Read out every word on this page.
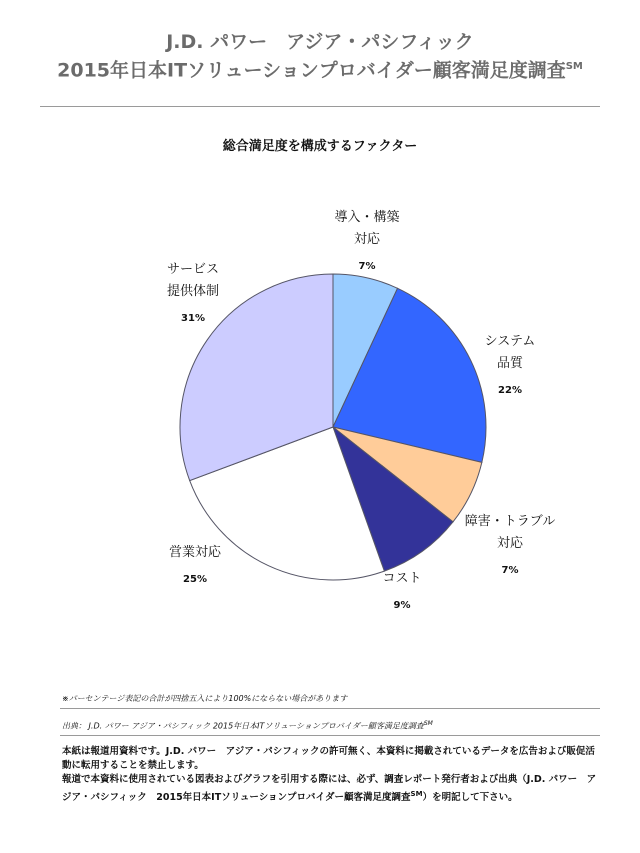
J.D. パワー　アジア・パシフィック
2015年日本ITソリューションプロバイダー顧客満足度調査℠
総合満足度を構成するファクター
導入・構築
対応
7%
システム
品質
22%
障害・トラブル
対応
7%
コスト
9%
営業対応
25%
サービス
提供体制
31%
※パーセンテージ表記の合計が四捨五入により100%にならない場合があります
出典： J.D. パワー アジア・パシフィック 2015年日本ITソリューションプロバイダー顧客満足度調査℠

本紙は報道用資料です。J.D. パワー　アジア・パシフィックの許可無く、本資料に掲載されているデータを広告および販促活動に転用することを禁止します。

報道で本資料に使用されている図表およびグラフを引用する際には、必ず、調査レポート発行者および出典（J.D. パワー　アジア・パシフィック　2015年日本ITソリューションプロバイダー顧客満足度調査℠）を明記して下さい。
